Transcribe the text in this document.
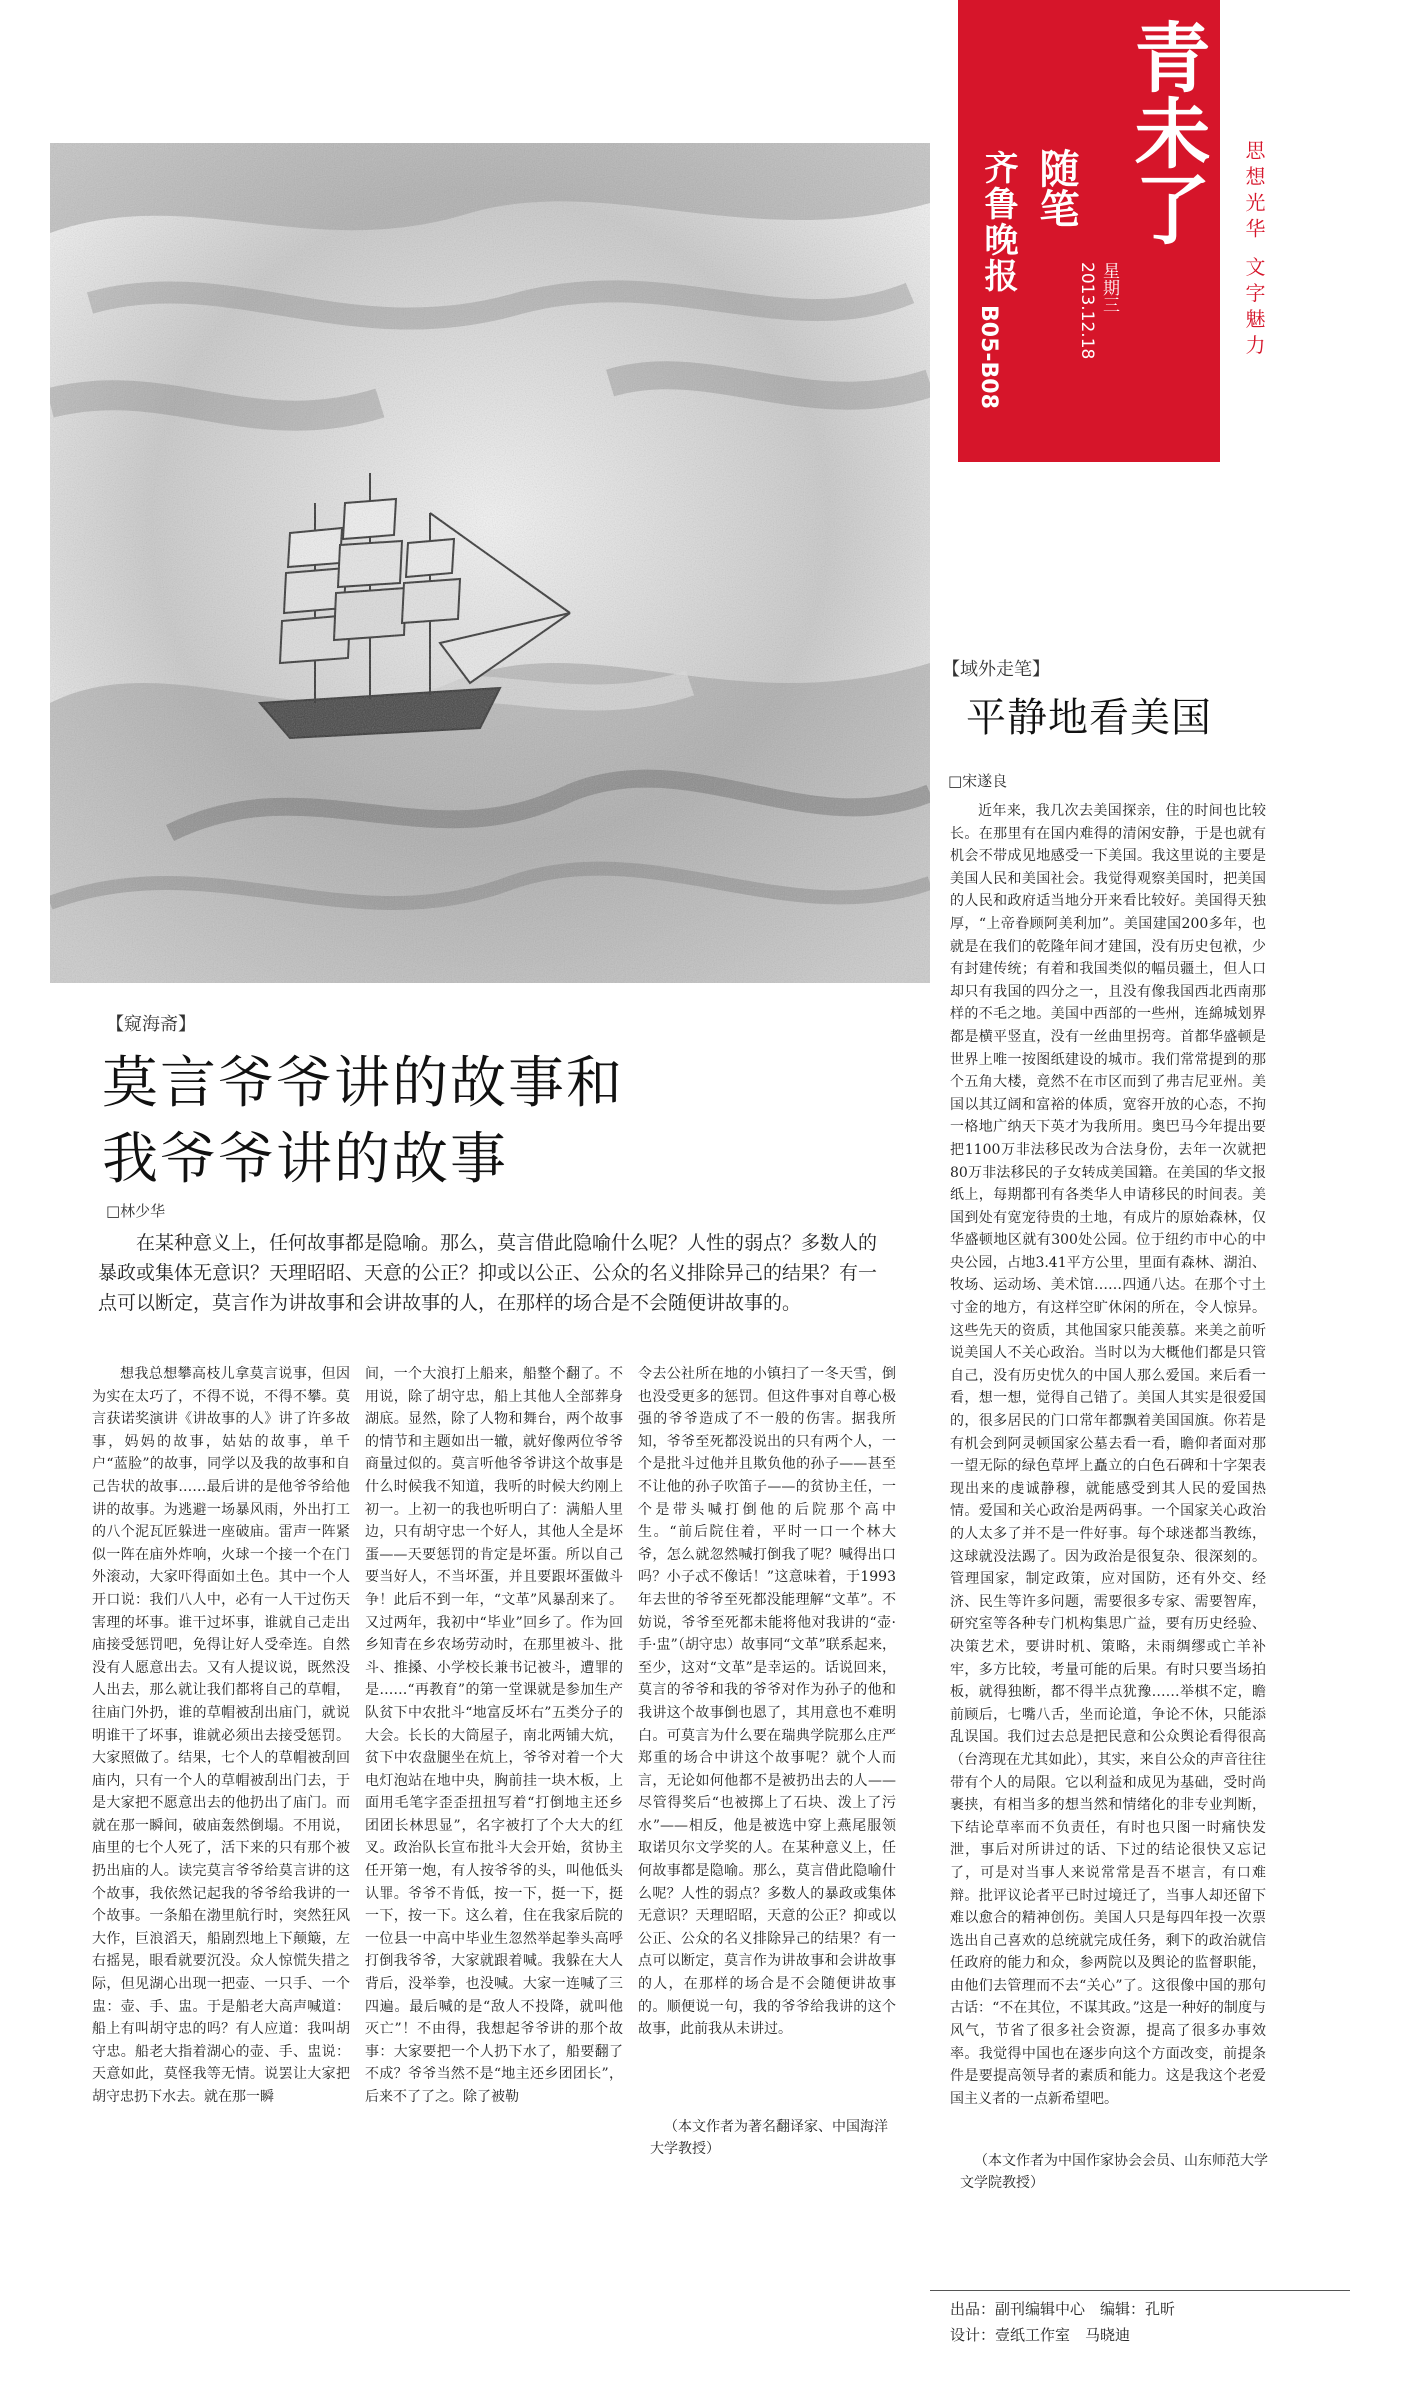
青未了
齐鲁晚报
B05-B08
随笔
星期三
2013.12.18	思想光华 文字魅力
【窥海斋】
莫言爷爷讲的故事和
我爷爷讲的故事
□林少华
在某种意义上，任何故事都是隐喻。那么，莫言借此隐喻什么呢？人性的弱点？多数人的暴政或集体无意识？天理昭昭、天意的公正？抑或以公正、公众的名义排除异己的结果？有一点可以断定，莫言作为讲故事和会讲故事的人，在那样的场合是不会随便讲故事的。
想我总想攀高枝儿拿莫言说事，但因为实在太巧了，不得不说，不得不攀。莫言获诺奖演讲《讲故事的人》讲了许多故事，妈妈的故事，姑姑的故事，单千户“蓝脸”的故事，同学以及我的故事和自己告状的故事……最后讲的是他爷爷给他讲的故事。为逃避一场暴风雨，外出打工的八个泥瓦匠躲进一座破庙。雷声一阵紧似一阵在庙外炸响，火球一个接一个在门外滚动，大家吓得面如土色。其中一个人开口说：我们八人中，必有一人干过伤天害理的坏事。谁干过坏事，谁就自己走出庙接受惩罚吧，免得让好人受牵连。自然没有人愿意出去。又有人提议说，既然没人出去，那么就让我们都将自己的草帽，往庙门外扔，谁的草帽被刮出庙门，就说明谁干了坏事，谁就必须出去接受惩罚。大家照做了。结果，七个人的草帽被刮回庙内，只有一个人的草帽被刮出门去，于是大家把不愿意出去的他扔出了庙门。而就在那一瞬间，破庙轰然倒塌。不用说，庙里的七个人死了，活下来的只有那个被扔出庙的人。读完莫言爷爷给莫言讲的这个故事，我依然记起我的爷爷给我讲的一个故事。一条船在渤里航行时，突然狂风大作，巨浪滔天，船剧烈地上下颠簸，左右摇晃，眼看就要沉没。众人惊慌失措之际，但见湖心出现一把壶、一只手、一个盅：壶、手、盅。于是船老大高声喊道：船上有叫胡守忠的吗？有人应道：我叫胡守忠。船老大指着湖心的壶、手、盅说：天意如此，莫怪我等无情。说罢让大家把胡守忠扔下水去。就在那一瞬
间，一个大浪打上船来，船整个翻了。不用说，除了胡守忠，船上其他人全部葬身湖底。显然，除了人物和舞台，两个故事的情节和主题如出一辙，就好像两位爷爷商量过似的。莫言听他爷爷讲这个故事是什么时候我不知道，我听的时候大约刚上初一。上初一的我也听明白了：满船人里边，只有胡守忠一个好人，其他人全是坏蛋——天要惩罚的肯定是坏蛋。所以自己要当好人，不当坏蛋，并且要跟坏蛋做斗争！此后不到一年，“文革”风暴刮来了。又过两年，我初中“毕业”回乡了。作为回乡知青在乡农场劳动时，在那里被斗、批斗、推搡、小学校长兼书记被斗，遭罪的是……“再教育”的第一堂课就是参加生产队贫下中农批斗“地富反坏右”五类分子的大会。长长的大筒屋子，南北两铺大炕，贫下中农盘腿坐在炕上，爷爷对着一个大电灯泡站在地中央，胸前挂一块木板，上面用毛笔字歪歪扭扭写着“打倒地主还乡团团长林思显”，名字被打了个大大的红叉。政治队长宣布批斗大会开始，贫协主任开第一炮，有人按爷爷的头，叫他低头认罪。爷爷不肯低，按一下，挺一下，挺一下，按一下。这么着，住在我家后院的一位县一中高中毕业生忽然举起拳头高呼打倒我爷爷，大家就跟着喊。我躲在大人背后，没举拳，也没喊。大家一连喊了三四遍。最后喊的是“敌人不投降，就叫他灭亡”！不由得，我想起爷爷讲的那个故事：大家要把一个人扔下水了，船要翻了不成？爷爷当然不是“地主还乡团团长”，后来不了了之。除了被勒
令去公社所在地的小镇扫了一冬天雪，倒也没受更多的惩罚。但这件事对自尊心极强的爷爷造成了不一般的伤害。据我所知，爷爷至死都没说出的只有两个人，一个是批斗过他并且欺负他的孙子——甚至不让他的孙子吹笛子——的贫协主任，一个是带头喊打倒他的后院那个高中生。“前后院住着，平时一口一个林大爷，怎么就忽然喊打倒我了呢？喊得出口吗？小子忒不像话！”这意味着，于1993年去世的爷爷至死都没能理解“文革”。不妨说，爷爷至死都未能将他对我讲的“壶·手·盅”（胡守忠）故事同“文革”联系起来，至少，这对“文革”是幸运的。话说回来，莫言的爷爷和我的爷爷对作为孙子的他和我讲这个故事倒也恩了，其用意也不难明白。可莫言为什么要在瑞典学院那么庄严郑重的场合中讲这个故事呢？就个人而言，无论如何他都不是被扔出去的人——尽管得奖后“也被掷上了石块、泼上了污水”——相反，他是被选中穿上燕尾服领取诺贝尔文学奖的人。在某种意义上，任何故事都是隐喻。那么，莫言借此隐喻什么呢？人性的弱点？多数人的暴政或集体无意识？天理昭昭，天意的公正？抑或以公正、公众的名义排除异己的结果？有一点可以断定，莫言作为讲故事和会讲故事的人，在那样的场合是不会随便讲故事的。顺便说一句，我的爷爷给我讲的这个故事，此前我从未讲过。
（本文作者为著名翻译家、中国海洋大学教授）
【域外走笔】
平静地看美国
□宋遂良
近年来，我几次去美国探亲，住的时间也比较长。在那里有在国内难得的清闲安静，于是也就有机会不带成见地感受一下美国。我这里说的主要是美国人民和美国社会。我觉得观察美国时，把美国的人民和政府适当地分开来看比较好。美国得天独厚，“上帝眷顾阿美利加”。美国建国200多年，也就是在我们的乾隆年间才建国，没有历史包袱，少有封建传统；有着和我国类似的幅员疆土，但人口却只有我国的四分之一，且没有像我国西北西南那样的不毛之地。美国中西部的一些州，连綿城划界都是横平竖直，没有一丝曲里拐弯。首都华盛顿是世界上唯一按图纸建设的城市。我们常常提到的那个五角大楼，竟然不在市区而到了弗吉尼亚州。美国以其辽阔和富裕的体质，宽容开放的心态，不拘一格地广纳天下英才为我所用。奥巴马今年提出要把1100万非法移民改为合法身份，去年一次就把80万非法移民的子女转成美国籍。在美国的华文报纸上，每期都刊有各类华人申请移民的时间表。美国到处有宽宠待贵的土地，有成片的原始森林，仅华盛顿地区就有300处公园。位于纽约市中心的中央公园，占地3.41平方公里，里面有森林、湖泊、牧场、运动场、美术馆……四通八达。在那个寸土寸金的地方，有这样空旷休闲的所在，令人惊异。这些先天的资质，其他国家只能羡慕。来美之前听说美国人不关心政治。当时以为大概他们都是只管自己，没有历史忧久的中国人那么爱国。来后看一看，想一想，觉得自己错了。美国人其实是很爱国的，很多居民的门口常年都飘着美国国旗。你若是有机会到阿灵顿国家公墓去看一看，瞻仰者面对那一望无际的绿色草坪上矗立的白色石碑和十字架表现出来的虔诚静穆，就能感受到其人民的爱国热情。爱国和关心政治是两码事。一个国家关心政治的人太多了并不是一件好事。每个球迷都当教练，这球就没法踢了。因为政治是很复杂、很深刻的。管理国家，制定政策，应对国防，还有外交、经济、民生等许多问题，需要很多专家、需要智库，研究室等各种专门机构集思广益，要有历史经验、决策艺术，要讲时机、策略，未雨绸缪或亡羊补牢，多方比较，考量可能的后果。有时只要当场拍板，就得独断，都不得半点犹豫……举棋不定，瞻前顾后，七嘴八舌，坐而论道，争论不休，只能添乱误国。我们过去总是把民意和公众舆论看得很高（台湾现在尤其如此），其实，来自公众的声音往往带有个人的局限。它以利益和成见为基础，受时尚裹挟，有相当多的想当然和情绪化的非专业判断，下结论草率而不负责任，有时也只图一时痛快发泄，事后对所讲过的话、下过的结论很快又忘记了，可是对当事人来说常常是吾不堪言，有口难辩。批评议论者平已时过境迁了，当事人却还留下难以愈合的精神创伤。美国人只是每四年投一次票选出自己喜欢的总统就完成任务，剩下的政治就信任政府的能力和众，参两院以及舆论的监督职能，由他们去管理而不去“关心”了。这很像中国的那句古话：“不在其位，不谋其政。”这是一种好的制度与风气，节省了很多社会资源，提高了很多办事效率。我觉得中国也在逐步向这个方面改变，前提条件是要提高领导者的素质和能力。这是我这个老爱国主义者的一点新希望吧。
（本文作者为中国作家协会会员、山东师范大学文学院教授）
出品：副刊编辑中心　编辑：孔昕
设计：壹纸工作室　马晓迪
